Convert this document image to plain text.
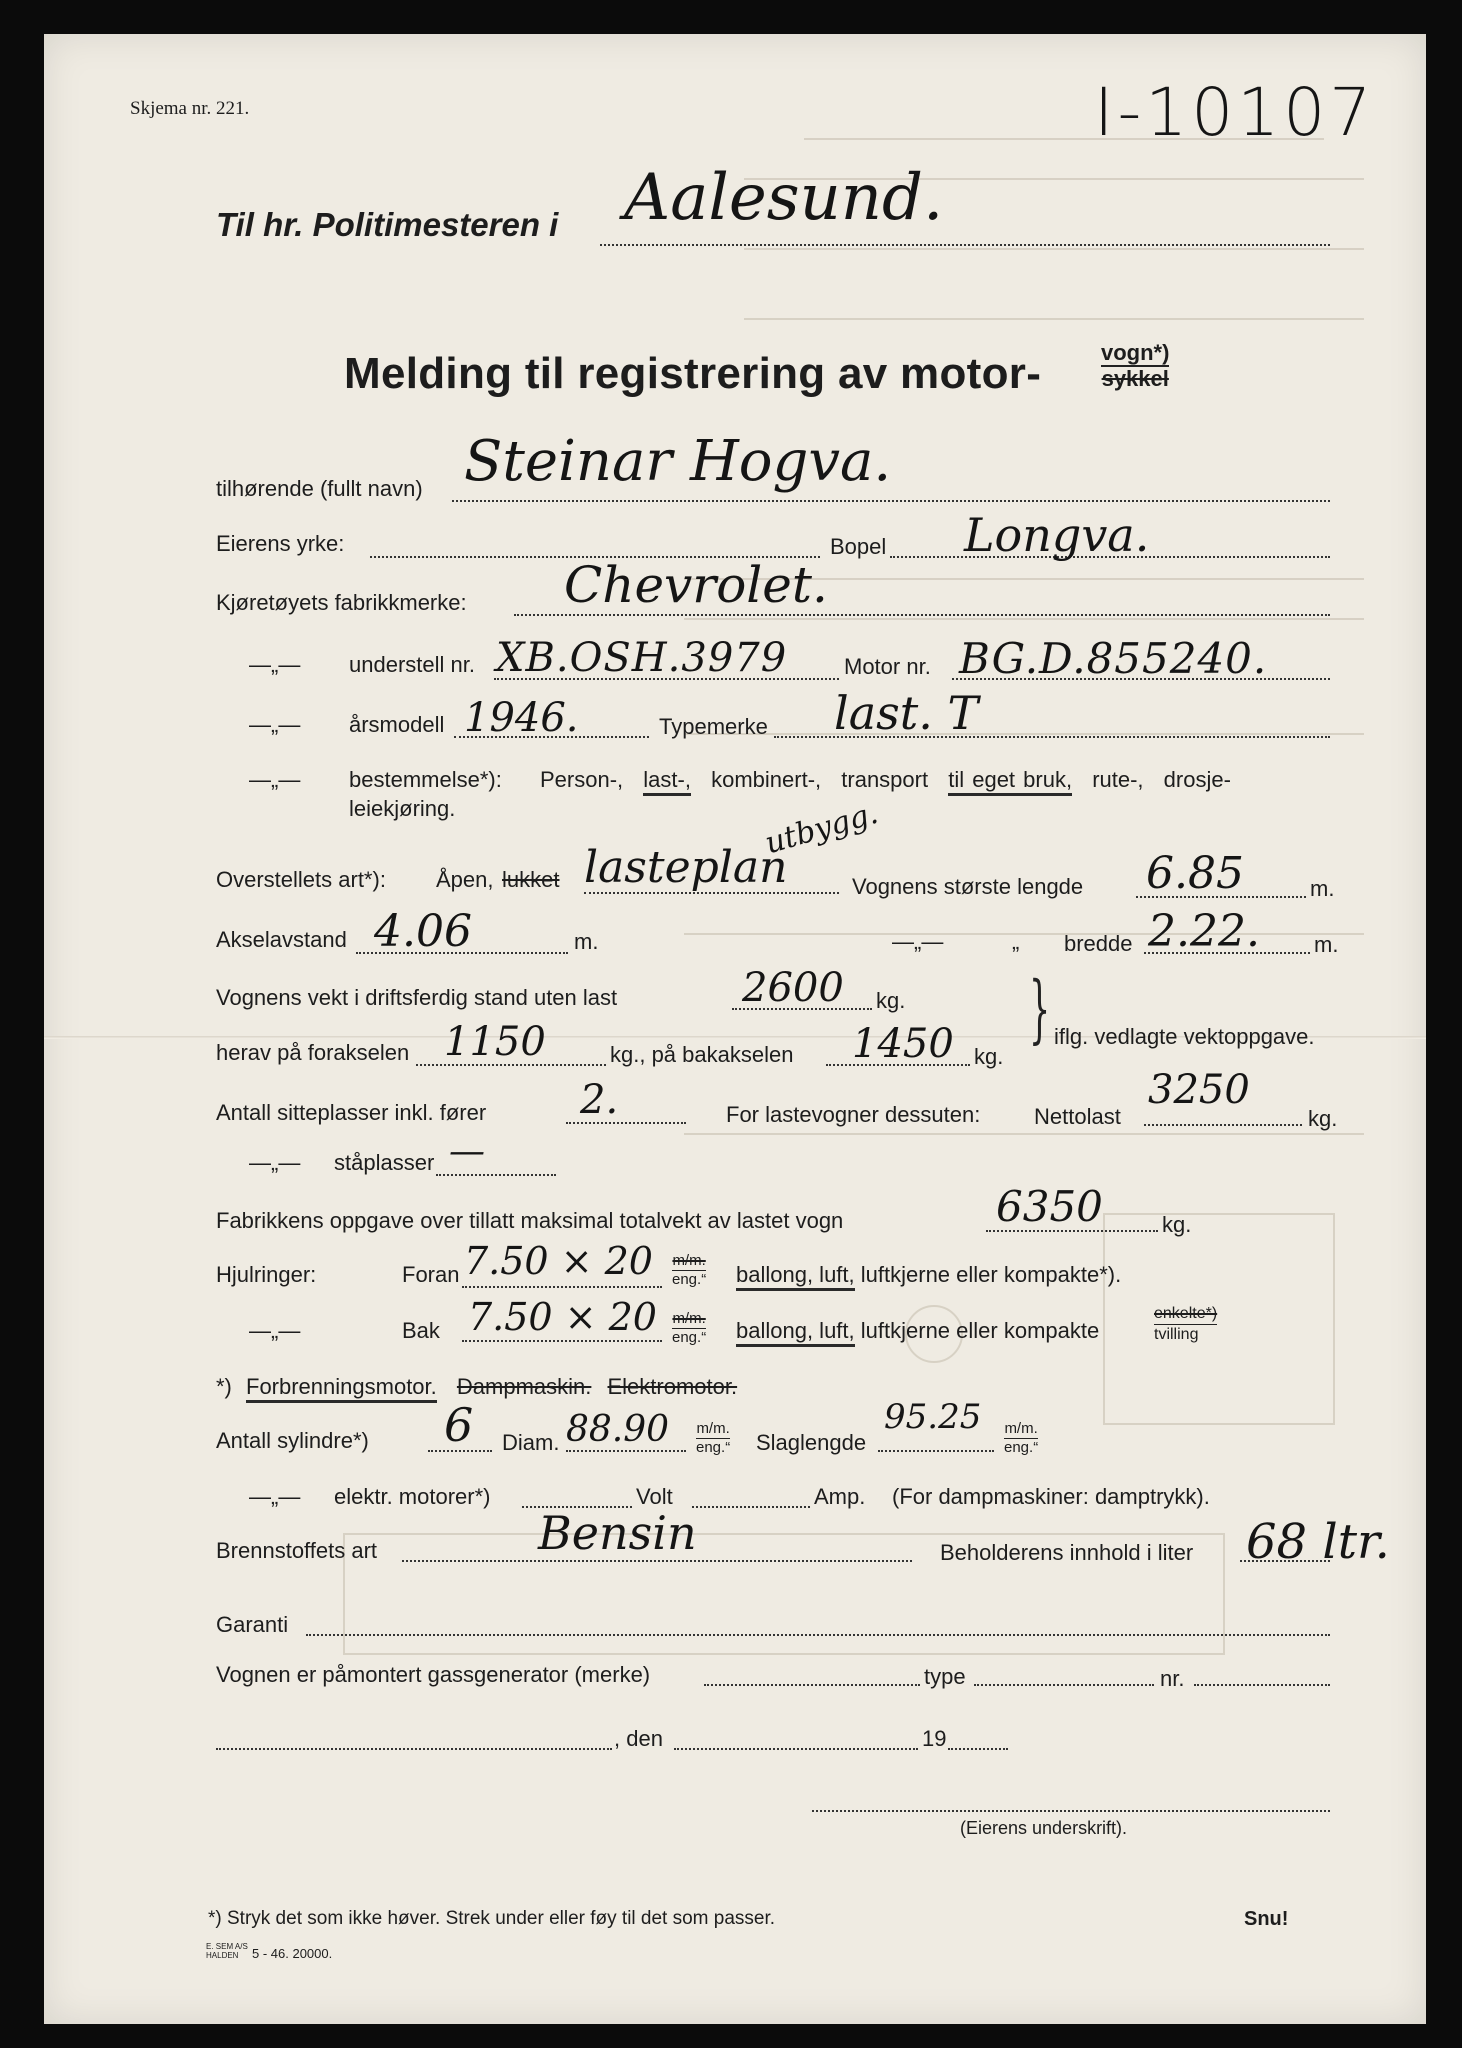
Skjema nr. 221.	I-10107
Til hr. Politimesteren i Aalesund.
Melding til registrering av motor-	vogn*)
sykkel
tilhørende (fullt navn) Steinar Hogva.
Eierens yrke:	Bopel Longva.
Kjøretøyets fabrikkmerke: Chevrolet.
—„— understell nr. XB.OSH.3979	Motor nr. BG.D.855240.
—„— årsmodell 1946.	Typemerke last. T
—„— bestemmelse*): Person-, last-, kombinert-, transport til eget bruk, rute-, drosje-
leiekjøring.
Overstellets art*): Åpen, lukket lasteplan
utbygg.
Vognens største lengde 6.85	m.
Akselavstand 4.06	m.	—„—	„ bredde 2.22. m.
Vognens vekt i driftsferdig stand uten last	2600 kg. } iflg. vedlagte vektoppgave.
herav på forakselen 1150	kg., på bakakselen 1450 kg.
Antall sitteplasser inkl. fører 2.	For lastevogner dessuten: Nettolast
3250
kg.
—„— ståplasser —
Fabrikkens oppgave over tillatt maksimal totalvekt av lastet vogn	6350	kg.
Hjulringer:	Foran 7.50 × 20 m/m.
eng.“ ballong, luft, luftkjerne eller kompakte*).
—„—	Bak 7.50 × 20 m/m.
eng.“ ballong, luft, luftkjerne eller kompakte
enkelte*)
tvilling
*) Forbrenningsmotor. Dampmaskin. Elektromotor.
Antall sylindre*) 6 Diam. 88.90 m/m.
eng.“ Slaglengde
95.25 m/m.
eng.“
—„— elektr. motorer*)	Volt	Amp. (For dampmaskiner: damptrykk).
Brennstoffets art	Bensin	Beholderens innhold i liter 68 ltr.
Garanti
Vognen er påmontert gassgenerator (merke)	type	nr.
, den	19
(Eierens underskrift).
*) Stryk det som ikke høver. Strek under eller føy til det som passer.	Snu!
E. SEM A/S
HALDEN	5 - 46. 20000.
